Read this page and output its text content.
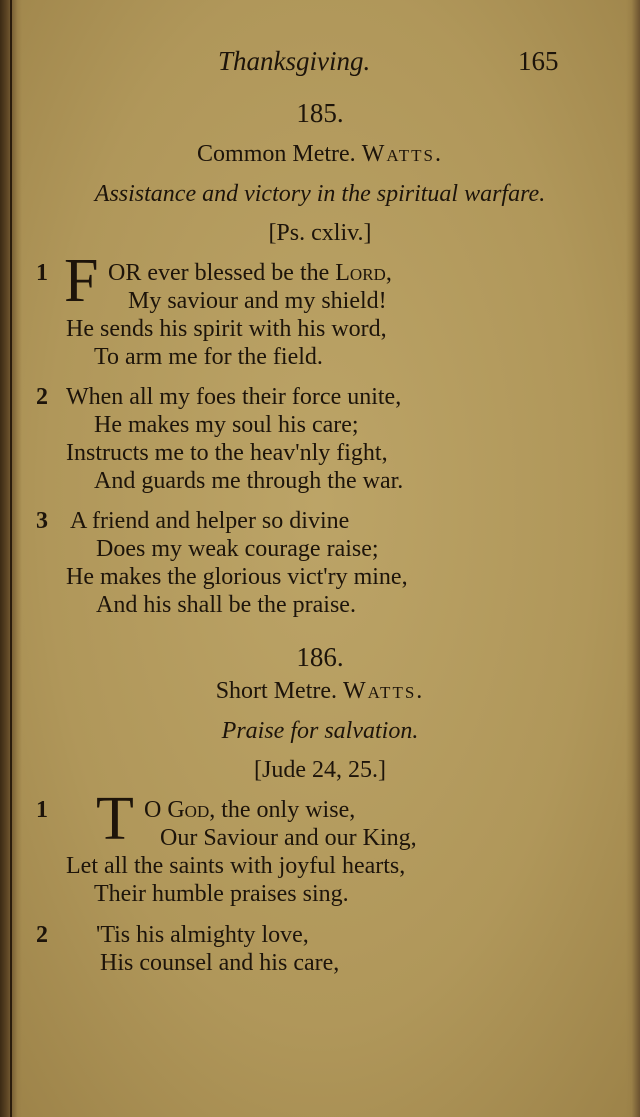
Thanksgiving.	165
185.
Common Metre. Watts.
Assistance and victory in the spiritual warfare.
[Ps. cxliv.]
1 F OR ever blessed be the Lord,
My saviour and my shield!
He sends his spirit with his word,
To arm me for the field.
2 When all my foes their force unite,
He makes my soul his care;
Instructs me to the heav'nly fight,
And guards me through the war.
3 A friend and helper so divine
Does my weak courage raise;
He makes the glorious vict'ry mine,
And his shall be the praise.
186.
Short Metre. Watts.
Praise for salvation.
[Jude 24, 25.]
1 T O God, the only wise,
Our Saviour and our King,
Let all the saints with joyful hearts,
Their humble praises sing.
2 'Tis his almighty love,
His counsel and his care,
